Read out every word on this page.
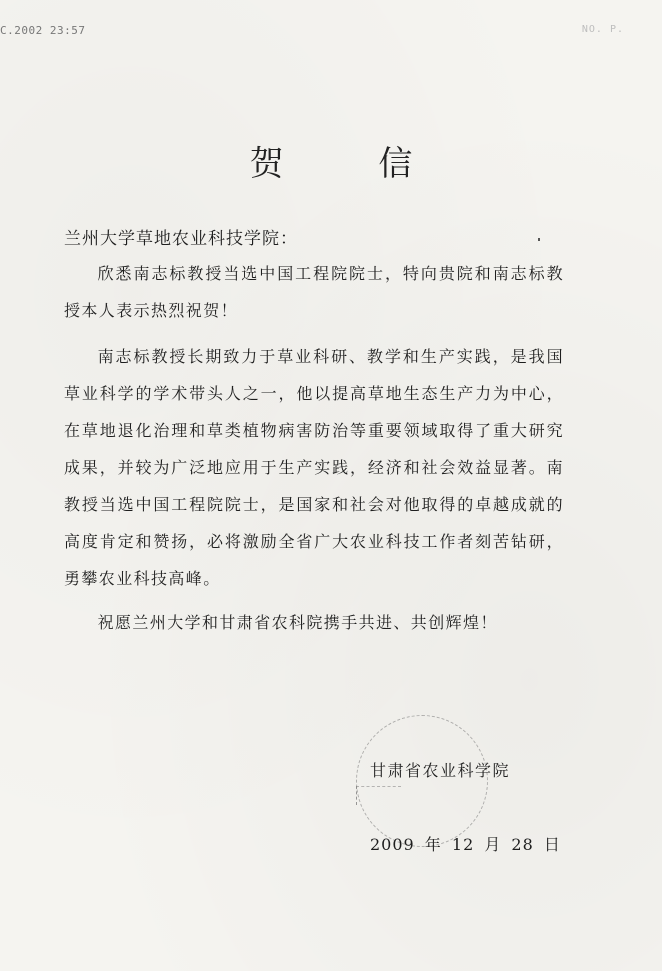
C.2002 23:57	NO. P.
贺 信
兰州大学草地农业科技学院：
欣悉南志标教授当选中国工程院院士，特向贵院和南志标教授本人表示热烈祝贺！
南志标教授长期致力于草业科研、教学和生产实践，是我国草业科学的学术带头人之一，他以提高草地生态生产力为中心，在草地退化治理和草类植物病害防治等重要领域取得了重大研究成果，并较为广泛地应用于生产实践，经济和社会效益显著。南教授当选中国工程院院士，是国家和社会对他取得的卓越成就的高度肯定和赞扬，必将激励全省广大农业科技工作者刻苦钻研，勇攀农业科技高峰。
祝愿兰州大学和甘肃省农科院携手共进、共创辉煌！
甘肃省农业科学院
2009 年 12 月 28 日
